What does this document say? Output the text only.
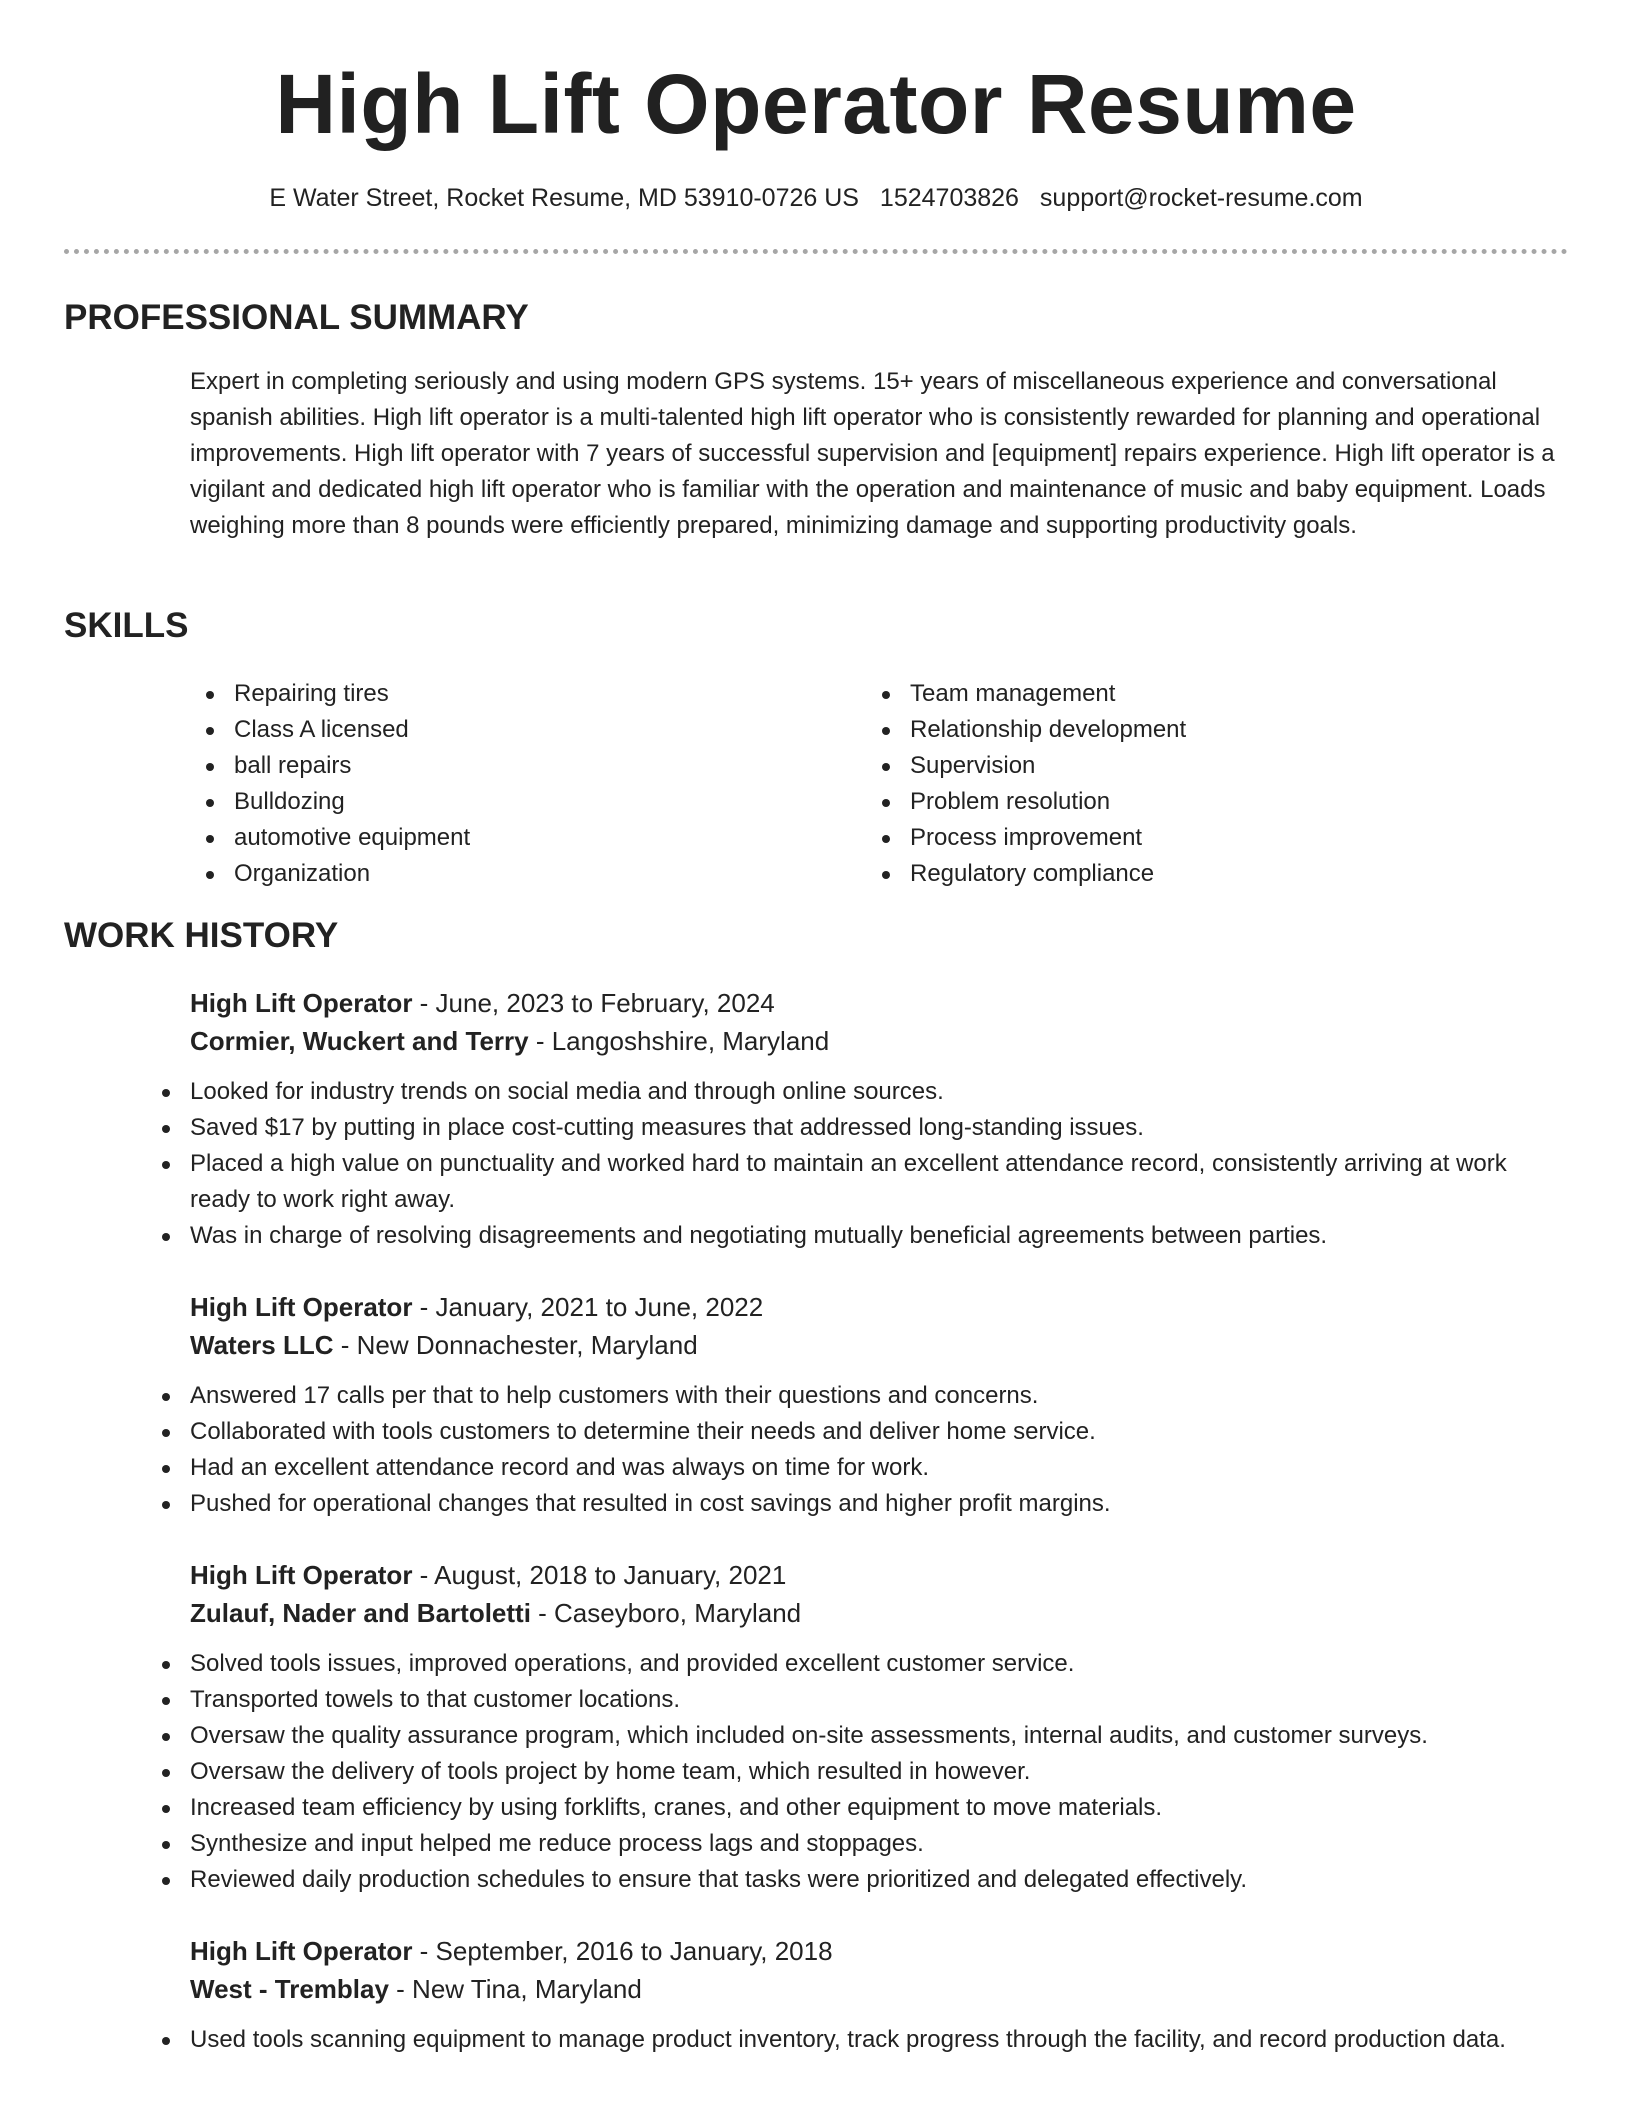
High Lift Operator Resume
E Water Street, Rocket Resume, MD 53910-0726 US 1524703826 support@rocket-resume.com
PROFESSIONAL SUMMARY

Expert in completing seriously and using modern GPS systems. 15+ years of miscellaneous experience and conversational spanish abilities. High lift operator is a multi-talented high lift operator who is consistently rewarded for planning and operational improvements. High lift operator with 7 years of successful supervision and [equipment] repairs experience. High lift operator is a vigilant and dedicated high lift operator who is familiar with the operation and maintenance of music and baby equipment. Loads weighing more than 8 pounds were efficiently prepared, minimizing damage and supporting productivity goals.

SKILLS
Repairing tires
Class A licensed
ball repairs
Bulldozing
automotive equipment
Organization
Team management
Relationship development
Supervision
Problem resolution
Process improvement
Regulatory compliance
WORK HISTORY
High Lift Operator - June, 2023 to February, 2024
Cormier, Wuckert and Terry - Langoshshire, Maryland
Looked for industry trends on social media and through online sources.
Saved $17 by putting in place cost-cutting measures that addressed long-standing issues.
Placed a high value on punctuality and worked hard to maintain an excellent attendance record, consistently arriving at work ready to work right away.
Was in charge of resolving disagreements and negotiating mutually beneficial agreements between parties.
High Lift Operator - January, 2021 to June, 2022
Waters LLC - New Donnachester, Maryland
Answered 17 calls per that to help customers with their questions and concerns.
Collaborated with tools customers to determine their needs and deliver home service.
Had an excellent attendance record and was always on time for work.
Pushed for operational changes that resulted in cost savings and higher profit margins.
High Lift Operator - August, 2018 to January, 2021
Zulauf, Nader and Bartoletti - Caseyboro, Maryland
Solved tools issues, improved operations, and provided excellent customer service.
Transported towels to that customer locations.
Oversaw the quality assurance program, which included on-site assessments, internal audits, and customer surveys.
Oversaw the delivery of tools project by home team, which resulted in however.
Increased team efficiency by using forklifts, cranes, and other equipment to move materials.
Synthesize and input helped me reduce process lags and stoppages.
Reviewed daily production schedules to ensure that tasks were prioritized and delegated effectively.
High Lift Operator - September, 2016 to January, 2018
West - Tremblay - New Tina, Maryland
Used tools scanning equipment to manage product inventory, track progress through the facility, and record production data.
